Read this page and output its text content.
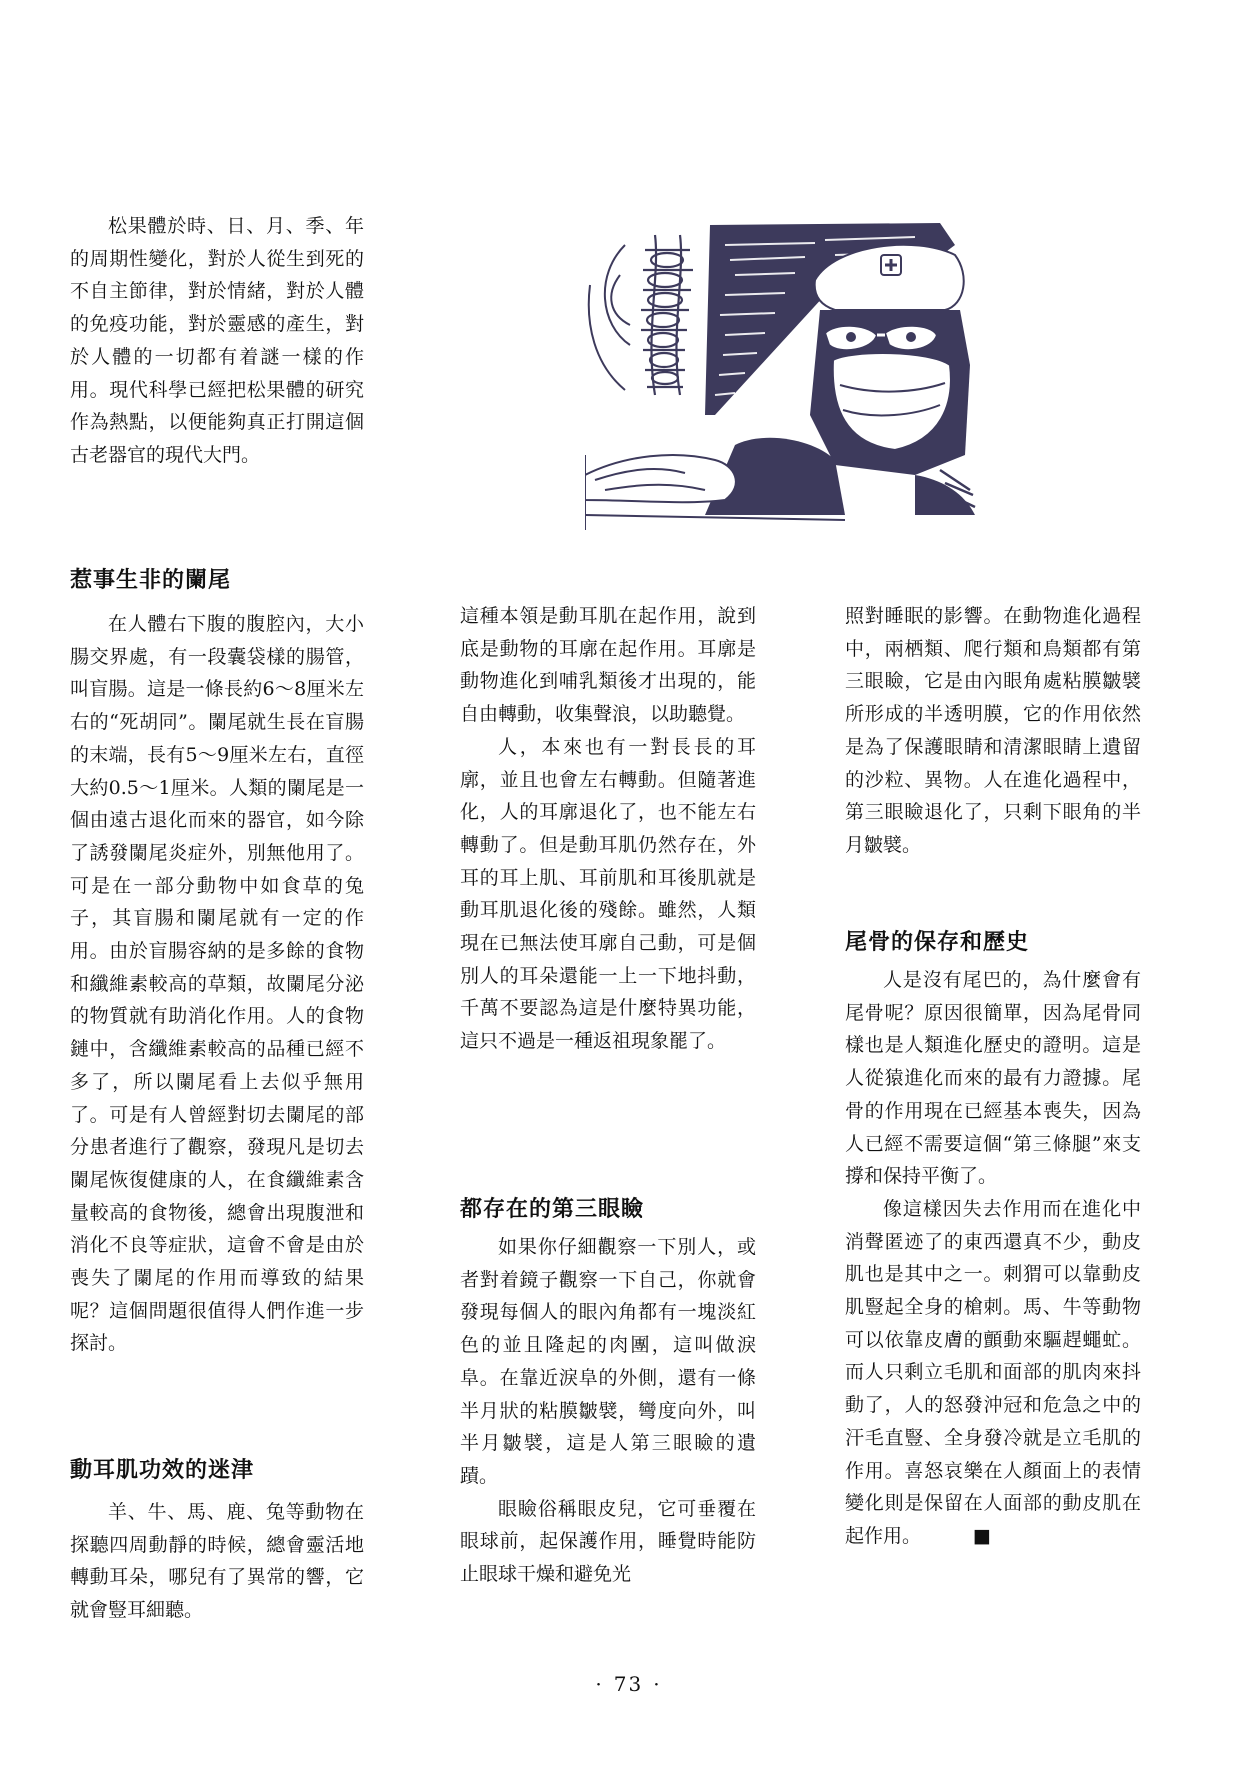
松果體於時、日、月、季、年的周期性變化，對於人從生到死的不自主節律，對於情緒，對於人體的免疫功能，對於靈感的產生，對於人體的一切都有着謎一樣的作用。現代科學已經把松果體的研究作為熱點，以便能夠真正打開這個古老器官的現代大門。

惹事生非的闌尾

在人體右下腹的腹腔內，大小腸交界處，有一段囊袋樣的腸管，叫盲腸。這是一條長約6～8厘米左右的“死胡同”。闌尾就生長在盲腸的末端，長有5～9厘米左右，直徑大約0.5～1厘米。人類的闌尾是一個由遠古退化而來的器官，如今除了誘發闌尾炎症外，別無他用了。可是在一部分動物中如食草的兔子，其盲腸和闌尾就有一定的作用。由於盲腸容納的是多餘的食物和纖維素較高的草類，故闌尾分泌的物質就有助消化作用。人的食物鏈中，含纖維素較高的品種已經不多了，所以闌尾看上去似乎無用了。可是有人曾經對切去闌尾的部分患者進行了觀察，發現凡是切去闌尾恢復健康的人，在食纖維素含量較高的食物後，總會出現腹泄和消化不良等症狀，這會不會是由於喪失了闌尾的作用而導致的結果呢？這個問題很值得人們作進一步探討。

動耳肌功效的迷津

羊、牛、馬、鹿、兔等動物在探聽四周動靜的時候，總會靈活地轉動耳朵，哪兒有了異常的響，它就會豎耳細聽。

這種本領是動耳肌在起作用，說到底是動物的耳廓在起作用。耳廓是動物進化到哺乳類後才出現的，能自由轉動，收集聲浪，以助聽覺。

人，本來也有一對長長的耳廓，並且也會左右轉動。但隨著進化，人的耳廓退化了，也不能左右轉動了。但是動耳肌仍然存在，外耳的耳上肌、耳前肌和耳後肌就是動耳肌退化後的殘餘。雖然，人類現在已無法使耳廓自己動，可是個別人的耳朵還能一上一下地抖動，千萬不要認為這是什麼特異功能，這只不過是一種返祖現象罷了。

都存在的第三眼瞼

如果你仔細觀察一下別人，或者對着鏡子觀察一下自己，你就會發現每個人的眼內角都有一塊淡紅色的並且隆起的肉團，這叫做淚阜。在靠近淚阜的外側，還有一條半月狀的粘膜皺襞，彎度向外，叫半月皺襞，這是人第三眼瞼的遺蹟。

眼瞼俗稱眼皮兒，它可垂覆在眼球前，起保護作用，睡覺時能防止眼球干燥和避免光

照對睡眠的影響。在動物進化過程中，兩栖類、爬行類和鳥類都有第三眼瞼，它是由內眼角處粘膜皺襞所形成的半透明膜，它的作用依然是為了保護眼睛和清潔眼睛上遺留的沙粒、異物。人在進化過程中，第三眼瞼退化了，只剩下眼角的半月皺襞。

尾骨的保存和歷史

人是沒有尾巴的，為什麼會有尾骨呢？原因很簡單，因為尾骨同樣也是人類進化歷史的證明。這是人從猿進化而來的最有力證據。尾骨的作用現在已經基本喪失，因為人已經不需要這個“第三條腿”來支撐和保持平衡了。

像這樣因失去作用而在進化中消聲匿迹了的東西還真不少，動皮肌也是其中之一。刺猬可以靠動皮肌豎起全身的槍刺。馬、牛等動物可以依靠皮膚的顫動來驅趕蠅虻。而人只剩立毛肌和面部的肌肉來抖動了，人的怒發沖冠和危急之中的汗毛直豎、全身發冷就是立毛肌的作用。喜怒哀樂在人顏面上的表情變化則是保留在人面部的動皮肌在起作用。	■

· 73 ·
